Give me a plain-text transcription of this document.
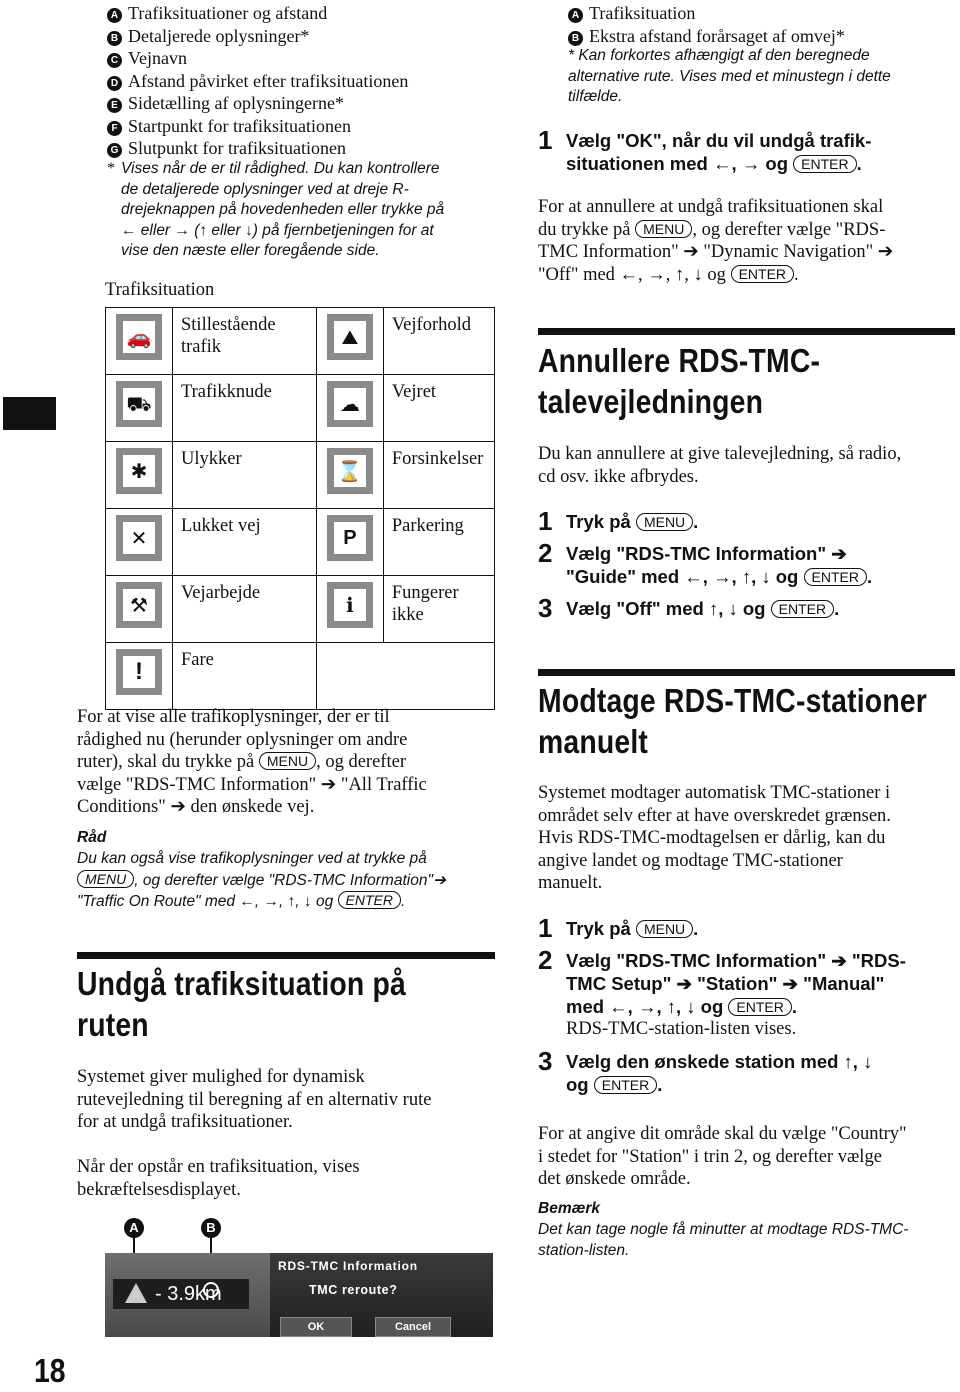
A Trafiksituationer og afstand
B Detaljerede oplysninger*
C Vejnavn
D Afstand påvirket efter trafiksituationen
E Sidetælling af oplysningerne*
F Startpunkt for trafiksituationen
G Slutpunkt for trafiksituationen
* Vises når de er til rådighed. Du kan kontrollere
de detaljerede oplysninger ved at dreje R-
drejeknappen på hovedenheden eller trykke på
← eller → (↑ eller ↓) på fjernbetjeningen for at
vise den næste eller foregående side.
Trafiksituation
🚗	Stillestående trafik	⛰	Vejforhold

⛟	Trafikknude	☁	Vejret

✱	Ulykker	⌛	Forsinkelser

✕	Lukket vej	P	Parkering

⚒	Vejarbejde	ℹ	Fungerer ikke

!	Fare		
For at vise alle trafikoplysninger, der er til
rådighed nu (herunder oplysninger om andre
ruter), skal du trykke på MENU , og derefter
vælge "RDS-TMC Information" ➔ "All Traffic
Conditions" ➔ den ønskede vej.
Råd
Du kan også vise trafikoplysninger ved at trykke på
MENU , og derefter vælge "RDS-TMC Information"➔
"Traffic On Route" med ←, →, ↑, ↓ og ENTER .
Undgå trafiksituation på
ruten
Systemet giver mulighed for dynamisk
rutevejledning til beregning af en alternativ rute
for at undgå trafiksituationer.
Når der opstår en trafiksituation, vises
bekræftelsesdisplayet.
A	B
- 3.9km
RDS-TMC Information
TMC reroute?
OK	Cancel
18
A Trafiksituation
B Ekstra afstand forårsaget af omvej*
* Kan forkortes afhængigt af den beregnede
alternative rute. Vises med et minustegn i dette
tilfælde.
1 Vælg "OK", når du vil undgå trafik-
situationen med ←, → og ENTER .
For at annullere at undgå trafiksituationen skal
du trykke på MENU , og derefter vælge "RDS-
TMC Information" ➔ "Dynamic Navigation" ➔
"Off" med ←, →, ↑, ↓ og ENTER .
Annullere RDS-TMC-
talevejledningen
Du kan annullere at give talevejledning, så radio,
cd osv. ikke afbrydes.
1 Tryk på MENU .
2 Vælg "RDS-TMC Information" ➔
"Guide" med ←, →, ↑, ↓ og ENTER .
3 Vælg "Off" med ↑, ↓ og ENTER .
Modtage RDS-TMC-stationer
manuelt
Systemet modtager automatisk TMC-stationer i
området selv efter at have overskredet grænsen.
Hvis RDS-TMC-modtagelsen er dårlig, kan du
angive landet og modtage TMC-stationer
manuelt.
1 Tryk på MENU .
2 Vælg "RDS-TMC Information" ➔ "RDS-
TMC Setup" ➔ "Station" ➔ "Manual"
med ←, →, ↑, ↓ og ENTER .
RDS-TMC-station-listen vises.
3 Vælg den ønskede station med ↑, ↓
og ENTER .
For at angive dit område skal du vælge "Country"
i stedet for "Station" i trin 2, og derefter vælge
det ønskede område.
Bemærk
Det kan tage nogle få minutter at modtage RDS-TMC-
station-listen.
